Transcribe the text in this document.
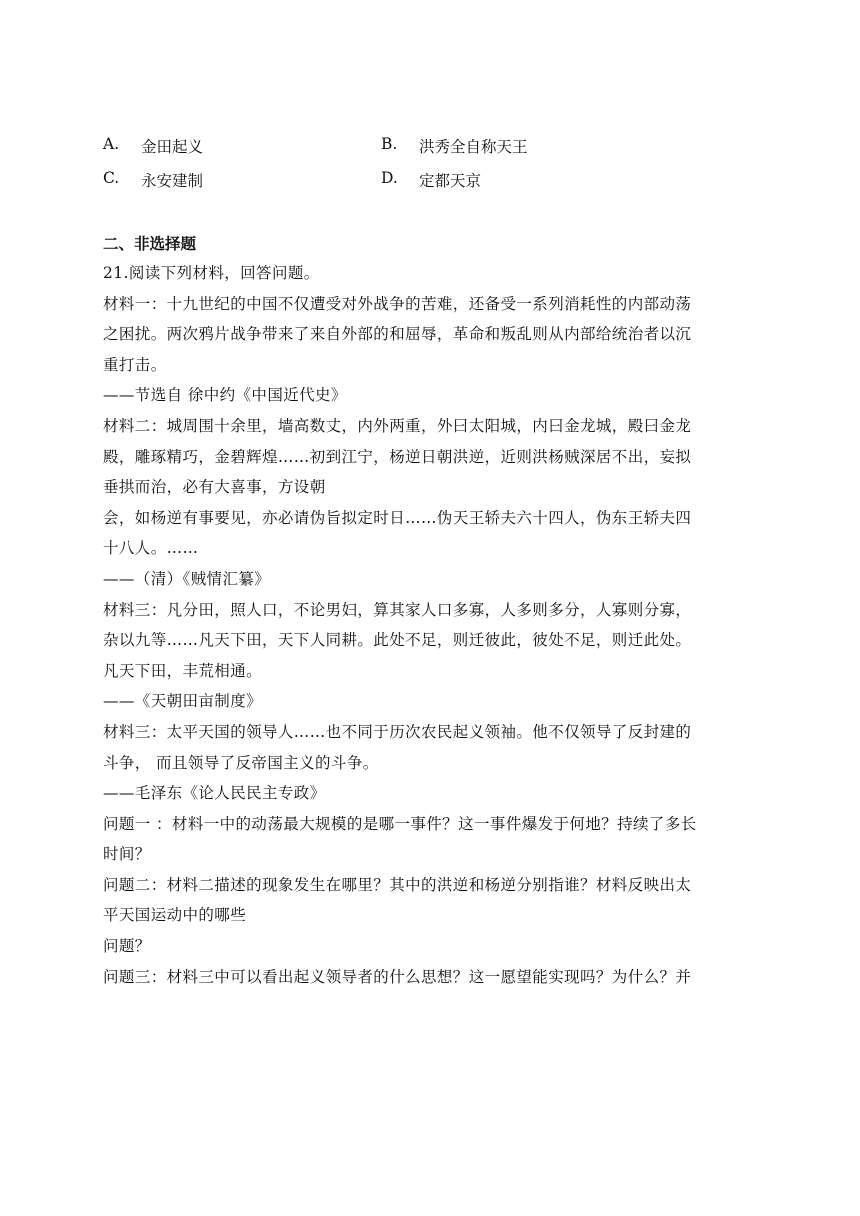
A.	金田起义	B.	洪秀全自称天王
C.	永安建制	D.	定都天京

二、非选择题

21.阅读下列材料，回答问题。

材料一：十九世纪的中国不仅遭受对外战争的苦难，还备受一系列消耗性的内部动荡

之困扰。两次鸦片战争带来了来自外部的和屈辱，革命和叛乱则从内部给统治者以沉

重打击。

——节选自 徐中约《中国近代史》

材料二：城周围十余里，墙高数丈，内外两重，外曰太阳城，内曰金龙城，殿曰金龙

殿，雕琢精巧，金碧辉煌……初到江宁，杨逆日朝洪逆，近则洪杨贼深居不出，妄拟

垂拱而治，必有大喜事，方设朝

会，如杨逆有事要见，亦必请伪旨拟定时日……伪天王轿夫六十四人，伪东王轿夫四

十八人。……

——（清）《贼情汇纂》

材料三：凡分田，照人口，不论男妇，算其家人口多寡，人多则多分，人寡则分寡，

杂以九等……凡天下田，天下人同耕。此处不足，则迁彼此，彼处不足，则迁此处。

凡天下田，丰荒相通。

——《天朝田亩制度》

材料三：太平天国的领导人……也不同于历次农民起义领袖。他不仅领导了反封建的

斗争， 而且领导了反帝国主义的斗争。

——毛泽东《论人民民主专政》

问题一 ：材料一中的动荡最大规模的是哪一事件？这一事件爆发于何地？持续了多长

时间？

问题二：材料二描述的现象发生在哪里？其中的洪逆和杨逆分别指谁？材料反映出太

平天国运动中的哪些

问题？

问题三：材料三中可以看出起义领导者的什么思想？这一愿望能实现吗？为什么？并
